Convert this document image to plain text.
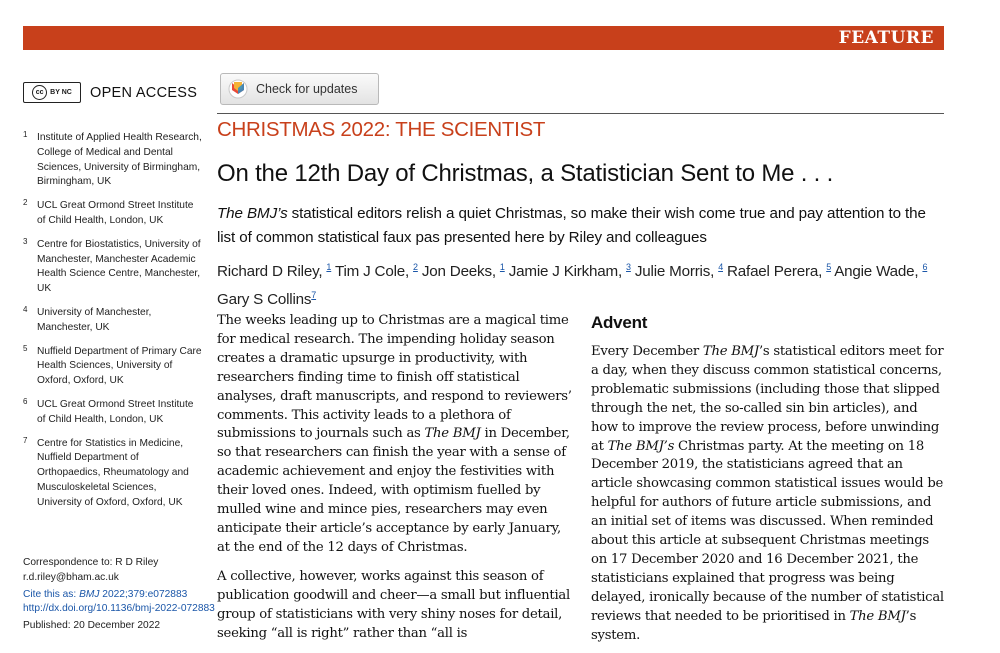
FEATURE
cc BY NC OPEN ACCESS
1 Institute of Applied Health Research, College of Medical and Dental Sciences, University of Birmingham, Birmingham, UK
2 UCL Great Ormond Street Institute of Child Health, London, UK
3 Centre for Biostatistics, University of Manchester, Manchester Academic Health Science Centre, Manchester, UK
4 University of Manchester, Manchester, UK
5 Nuffield Department of Primary Care Health Sciences, University of Oxford, Oxford, UK
6 UCL Great Ormond Street Institute of Child Health, London, UK
7 Centre for Statistics in Medicine, Nuffield Department of Orthopaedics, Rheumatology and Musculoskeletal Sciences, University of Oxford, Oxford, UK
Correspondence to: R D Riley
r.d.riley@bham.ac.uk
Cite this as: BMJ 2022;379:e072883
http://dx.doi.org/10.1136/bmj-2022-072883
Published: 20 December 2022
Check for updates
CHRISTMAS 2022: THE SCIENTIST
On the 12th Day of Christmas, a Statistician Sent to Me . . .
The BMJ’s statistical editors relish a quiet Christmas, so make their wish come true and pay attention to the list of common statistical faux pas presented here by Riley and colleagues
Richard D Riley, $^1$ Tim J Cole, $^2$ Jon Deeks, $^1$ Jamie J Kirkham, $^3$ Julie Morris, $^4$ Rafael Perera, $^5$ Angie Wade, $^6$ Gary S Collins$^7$

The weeks leading up to Christmas are a magical time for medical research. The impending holiday season creates a dramatic upsurge in productivity, with researchers finding time to finish off statistical analyses, draft manuscripts, and respond to reviewers’ comments. This activity leads to a plethora of submissions to journals such as The BMJ in December, so that researchers can finish the year with a sense of academic achievement and enjoy the festivities with their loved ones. Indeed, with optimism fuelled by mulled wine and mince pies, researchers may even anticipate their article’s acceptance by early January, at the end of the 12 days of Christmas.

A collective, however, works against this season of publication goodwill and cheer—a small but influential group of statisticians with very shiny noses for detail, seeking “all is right” rather than “all is

Advent

Every December The BMJ’s statistical editors meet for a day, when they discuss common statistical concerns, problematic submissions (including those that slipped through the net, the so-called sin bin articles), and how to improve the review process, before unwinding at The BMJ’s Christmas party. At the meeting on 18 December 2019, the statisticians agreed that an article showcasing common statistical issues would be helpful for authors of future article submissions, and an initial set of items was discussed. When reminded about this article at subsequent Christmas meetings on 17 December 2020 and 16 December 2021, the statisticians explained that progress was being delayed, ironically because of the number of statistical reviews that needed to be prioritised in The BMJ’s system.
